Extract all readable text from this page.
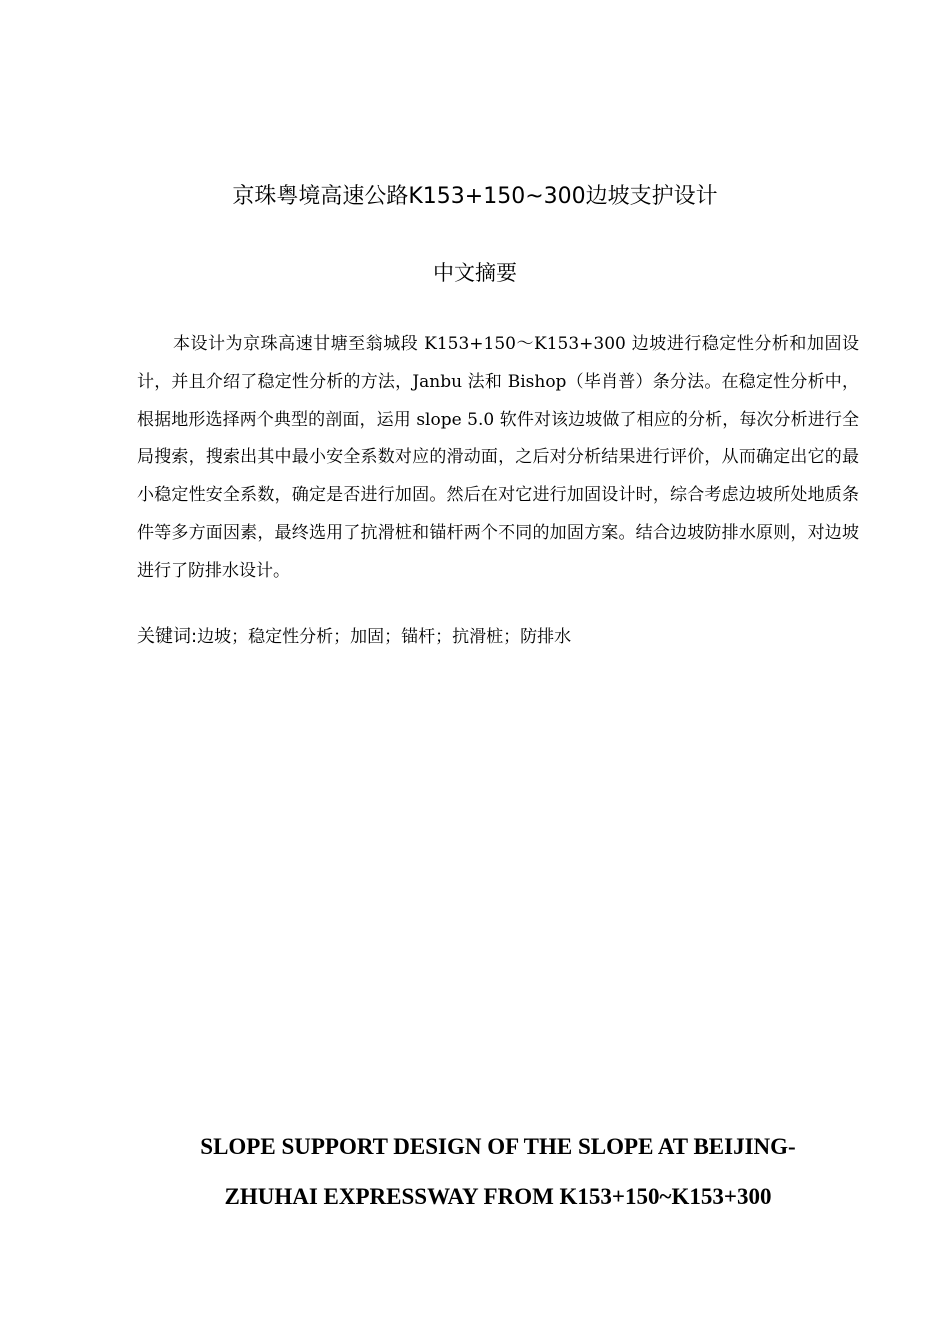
京珠粤境高速公路K153+150~300边坡支护设计
中文摘要

本设计为京珠高速甘塘至翁城段 K153+150～K153+300 边坡进行稳定性分析和加固设计，并且介绍了稳定性分析的方法，Janbu 法和 Bishop（毕肖普）条分法。在稳定性分析中，根据地形选择两个典型的剖面，运用 slope 5.0 软件对该边坡做了相应的分析，每次分析进行全局搜索，搜索出其中最小安全系数对应的滑动面，之后对分析结果进行评价，从而确定出它的最小稳定性安全系数，确定是否进行加固。然后在对它进行加固设计时，综合考虑边坡所处地质条件等多方面因素，最终选用了抗滑桩和锚杆两个不同的加固方案。结合边坡防排水原则，对边坡进行了防排水设计。

关键词:边坡；稳定性分析；加固；锚杆；抗滑桩；防排水
SLOPE SUPPORT DESIGN OF THE SLOPE AT BEIJING-
ZHUHAI EXPRESSWAY FROM K153+150~K153+300
